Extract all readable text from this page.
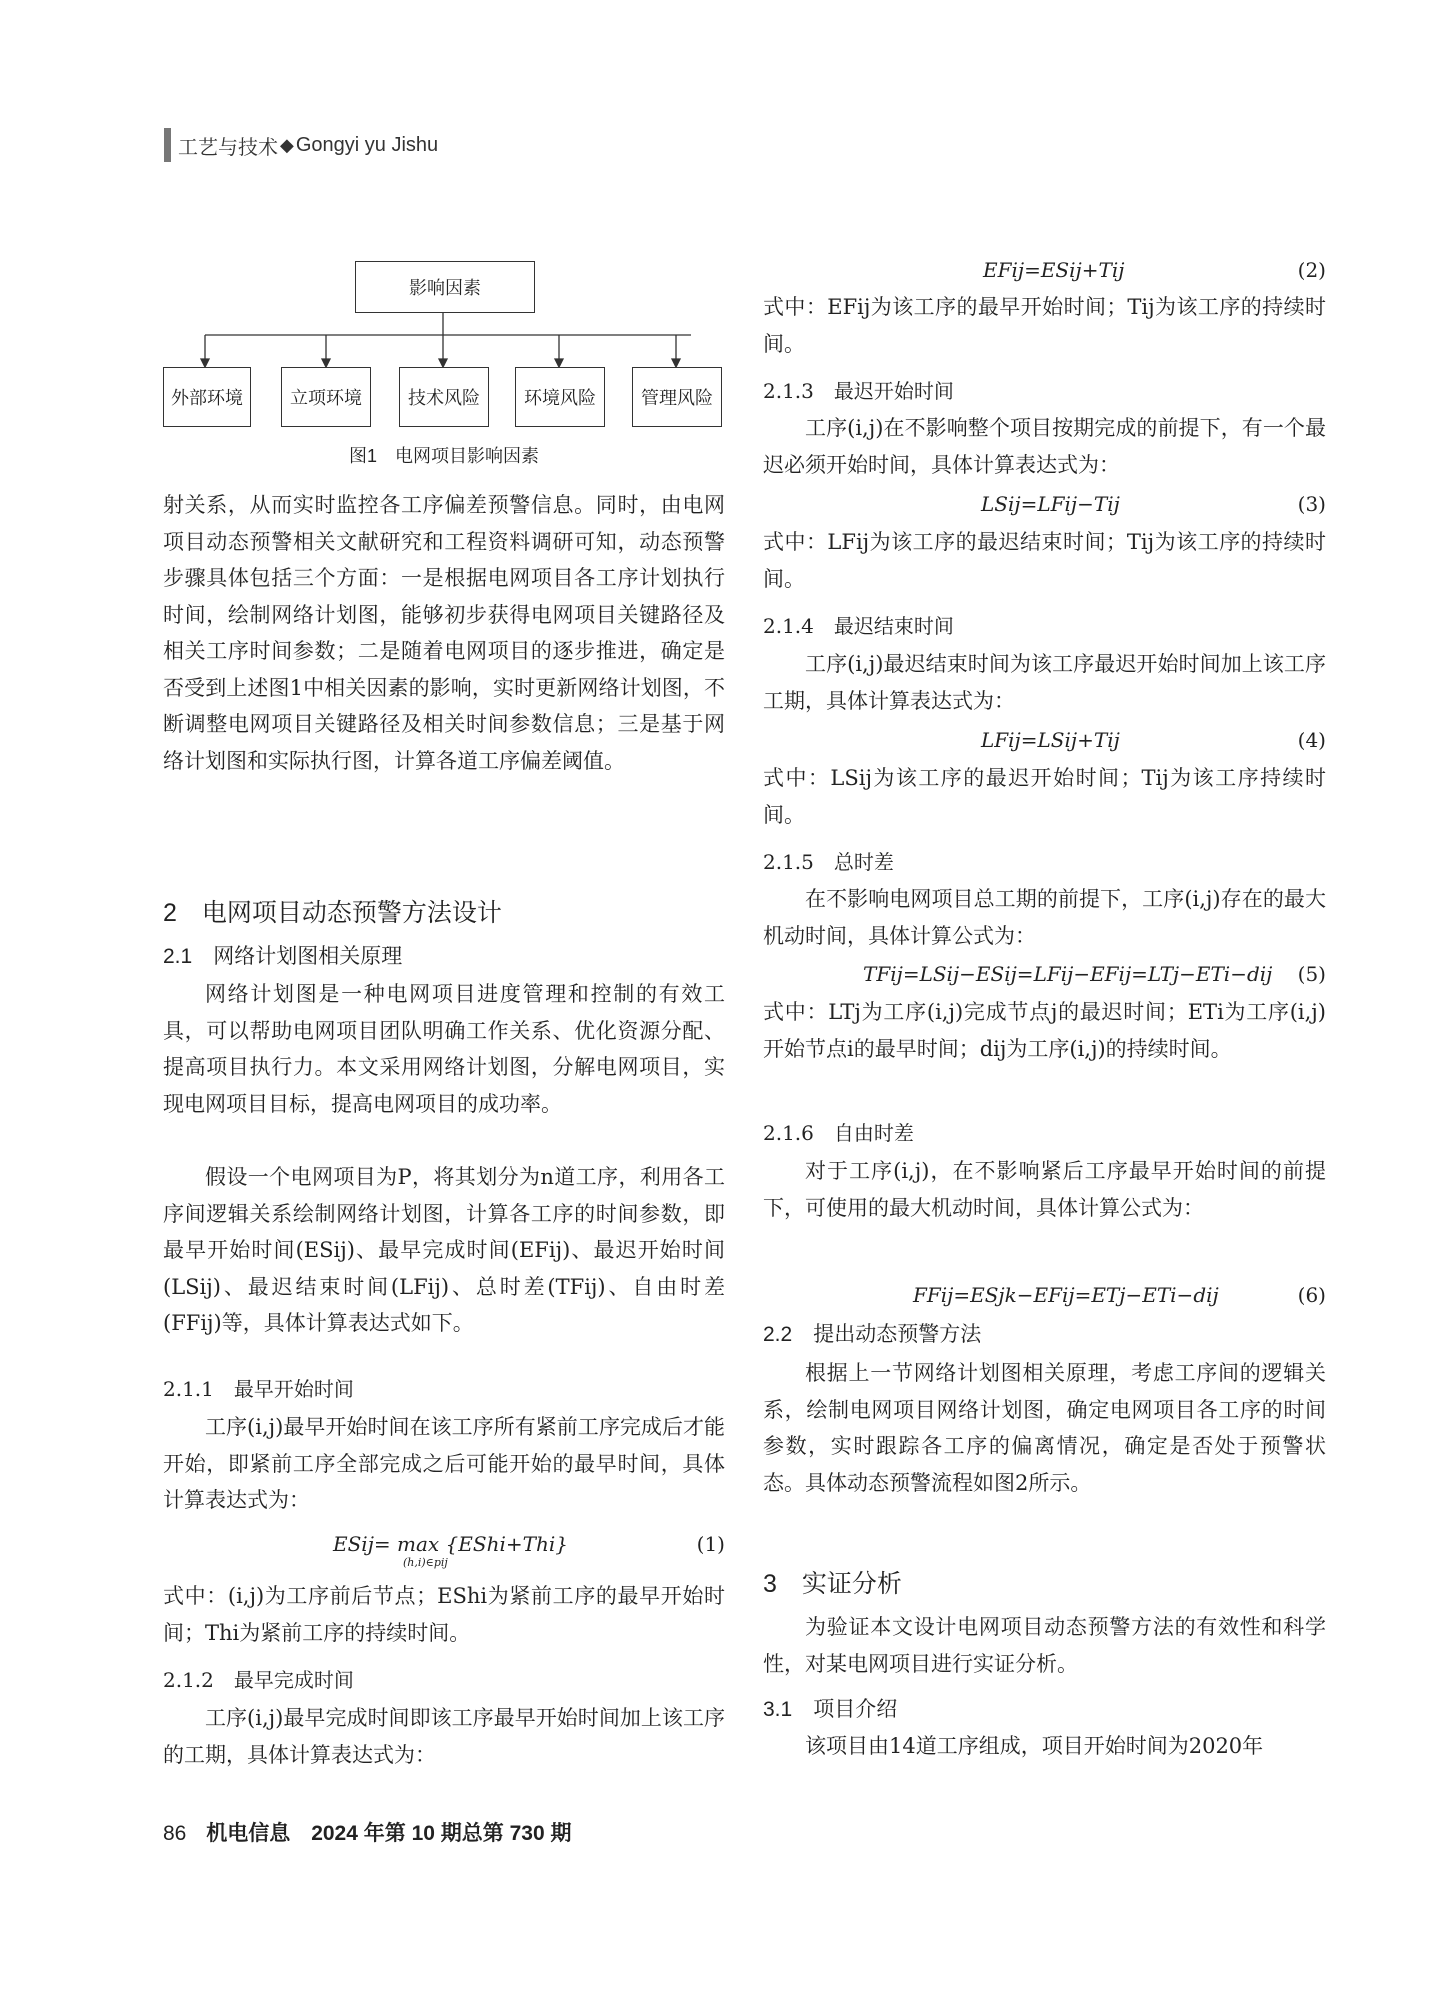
工艺与技术 ◆ Gongyi yu Jishu
影响因素
外部环境	立项环境	技术风险	环境风险	管理风险
图1　电网项目影响因素

射关系，从而实时监控各工序偏差预警信息。同时，由电网项目动态预警相关文献研究和工程资料调研可知，动态预警步骤具体包括三个方面：一是根据电网项目各工序计划执行时间，绘制网络计划图，能够初步获得电网项目关键路径及相关工序时间参数；二是随着电网项目的逐步推进，确定是否受到上述图1中相关因素的影响，实时更新网络计划图，不断调整电网项目关键路径及相关时间参数信息；三是基于网络计划图和实际执行图，计算各道工序偏差阈值。

2　电网项目动态预警方法设计
2.1　网络计划图相关原理

网络计划图是一种电网项目进度管理和控制的有效工具，可以帮助电网项目团队明确工作关系、优化资源分配、提高项目执行力。本文采用网络计划图，分解电网项目，实现电网项目目标，提高电网项目的成功率。

假设一个电网项目为P，将其划分为n道工序，利用各工序间逻辑关系绘制网络计划图，计算各工序的时间参数，即最早开始时间(ESij)、最早完成时间(EFij)、最迟开始时间(LSij)、最迟结束时间(LFij)、总时差(TFij)、自由时差(FFij)等，具体计算表达式如下。

2.1.1　最早开始时间

工序(i,j)最早开始时间在该工序所有紧前工序完成后才能开始，即紧前工序全部完成之后可能开始的最早时间，具体计算表达式为：

ESij= max {EShi+Thi}
(h,i)∈pij
(1)

式中：(i,j)为工序前后节点；EShi为紧前工序的最早开始时间；Thi为紧前工序的持续时间。

2.1.2　最早完成时间

工序(i,j)最早完成时间即该工序最早开始时间加上该工序的工期，具体计算表达式为：

EFij=ESij+Tij	(2)

式中：EFij为该工序的最早开始时间；Tij为该工序的持续时间。

2.1.3　最迟开始时间

工序(i,j)在不影响整个项目按期完成的前提下，有一个最迟必须开始时间，具体计算表达式为：

LSij=LFij−Tij	(3)

式中：LFij为该工序的最迟结束时间；Tij为该工序的持续时间。

2.1.4　最迟结束时间

工序(i,j)最迟结束时间为该工序最迟开始时间加上该工序工期，具体计算表达式为：

LFij=LSij+Tij	(4)

式中：LSij为该工序的最迟开始时间；Tij为该工序持续时间。

2.1.5　总时差

在不影响电网项目总工期的前提下，工序(i,j)存在的最大机动时间，具体计算公式为：

TFij=LSij−ESij=LFij−EFij=LTj−ETi−dij (5)

式中：LTj为工序(i,j)完成节点j的最迟时间；ETi为工序(i,j)开始节点i的最早时间；dij为工序(i,j)的持续时间。

2.1.6　自由时差

对于工序(i,j)，在不影响紧后工序最早开始时间的前提下，可使用的最大机动时间，具体计算公式为：

FFij=ESjk−EFij=ETj−ETi−dij	(6)
2.2　提出动态预警方法

根据上一节网络计划图相关原理，考虑工序间的逻辑关系，绘制电网项目网络计划图，确定电网项目各工序的时间参数，实时跟踪各工序的偏离情况，确定是否处于预警状态。具体动态预警流程如图2所示。

3　实证分析

为验证本文设计电网项目动态预警方法的有效性和科学性，对某电网项目进行实证分析。

3.1　项目介绍

该项目由14道工序组成，项目开始时间为2020年

86 机电信息　2024 年第 10 期总第 730 期
